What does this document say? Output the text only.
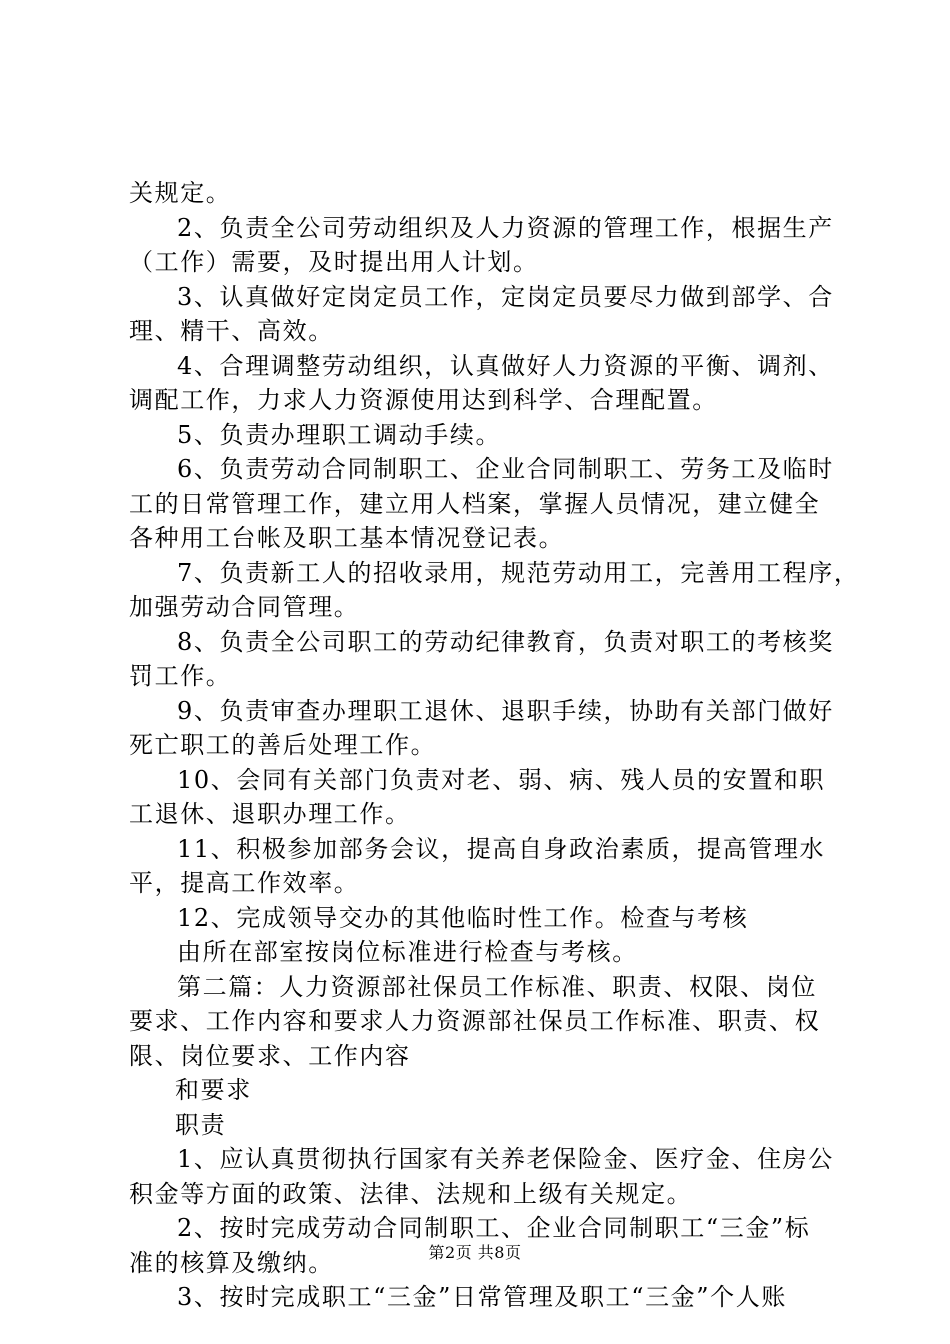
关规定。
2、负责全公司劳动组织及人力资源的管理工作，根据生产
（工作）需要，及时提出用人计划。
3、认真做好定岗定员工作，定岗定员要尽力做到部学、合
理、精干、高效。
4、合理调整劳动组织，认真做好人力资源的平衡、调剂、
调配工作，力求人力资源使用达到科学、合理配置。
5、负责办理职工调动手续。
6、负责劳动合同制职工、企业合同制职工、劳务工及临时
工的日常管理工作，建立用人档案，掌握人员情况，建立健全
各种用工台帐及职工基本情况登记表。
7、负责新工人的招收录用，规范劳动用工，完善用工程序，
加强劳动合同管理。
8、负责全公司职工的劳动纪律教育，负责对职工的考核奖
罚工作。
9、负责审查办理职工退休、退职手续，协助有关部门做好
死亡职工的善后处理工作。
10、会同有关部门负责对老、弱、病、残人员的安置和职
工退休、退职办理工作。
11、积极参加部务会议，提高自身政治素质，提高管理水
平，提高工作效率。
12、完成领导交办的其他临时性工作。检查与考核
由所在部室按岗位标准进行检查与考核。
第二篇：人力资源部社保员工作标准、职责、权限、岗位
要求、工作内容和要求人力资源部社保员工作标准、职责、权
限、岗位要求、工作内容
和要求
职责
1、应认真贯彻执行国家有关养老保险金、医疗金、住房公
积金等方面的政策、法律、法规和上级有关规定。
2、按时完成劳动合同制职工、企业合同制职工“三金”标
准的核算及缴纳。
3、按时完成职工“三金”日常管理及职工“三金”个人账
第2页 共8页
